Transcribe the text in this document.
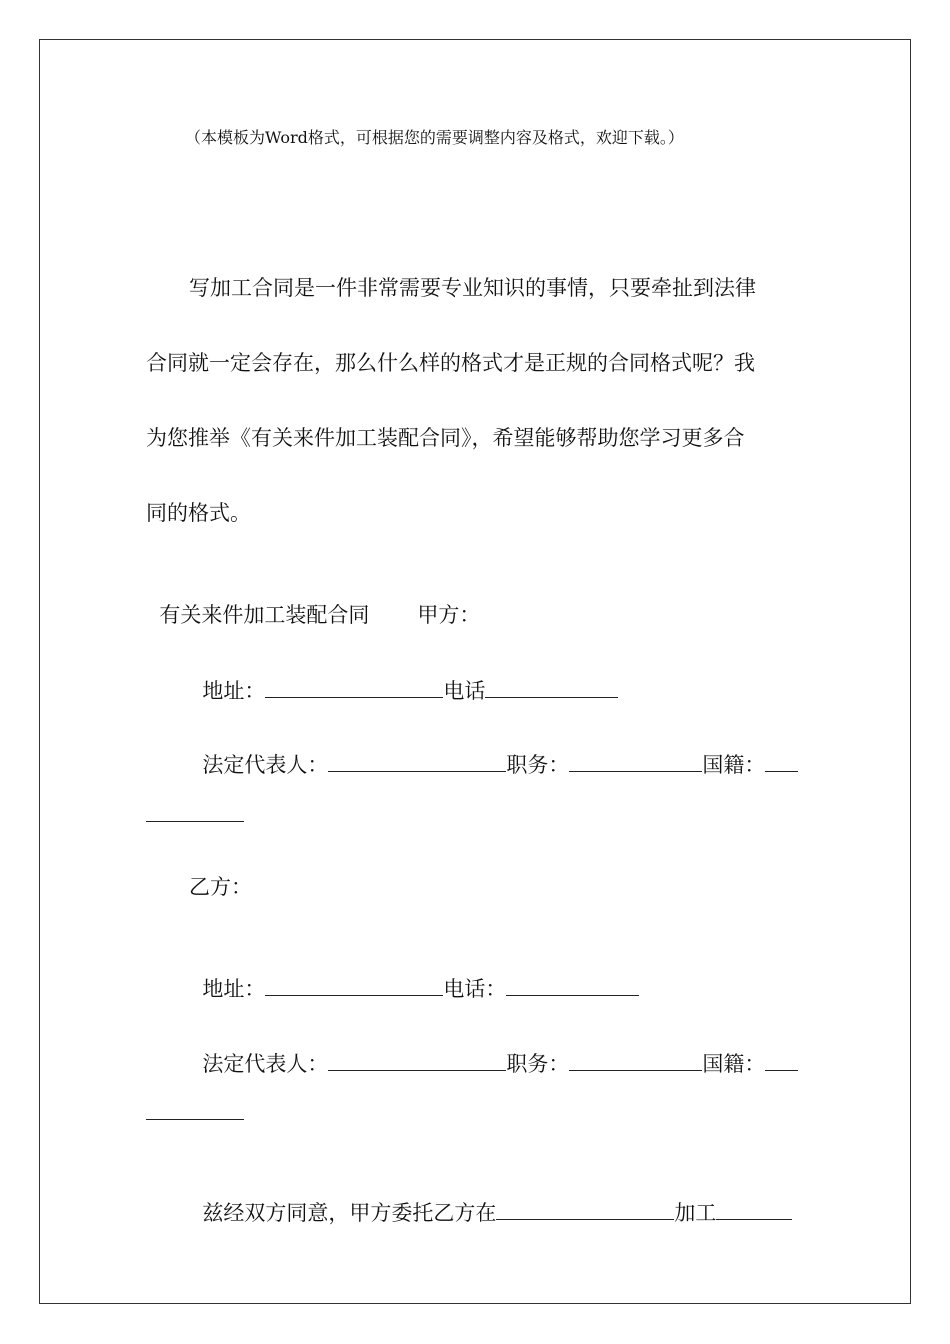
（本模板为Word格式，可根据您的需要调整内容及格式，欢迎下载。）
写加工合同是一件非常需要专业知识的事情，只要牵扯到法律
合同就一定会存在，那么什么样的格式才是正规的合同格式呢？我
为您推举《有关来件加工装配合同》，希望能够帮助您学习更多合
同的格式。

有关来件加工装配合同 甲方：

地址：	电话

法定代表人：	职务：	国籍：

乙方：

地址：	电话：

法定代表人：	职务：	国籍：

兹经双方同意，甲方委托乙方在	加工
